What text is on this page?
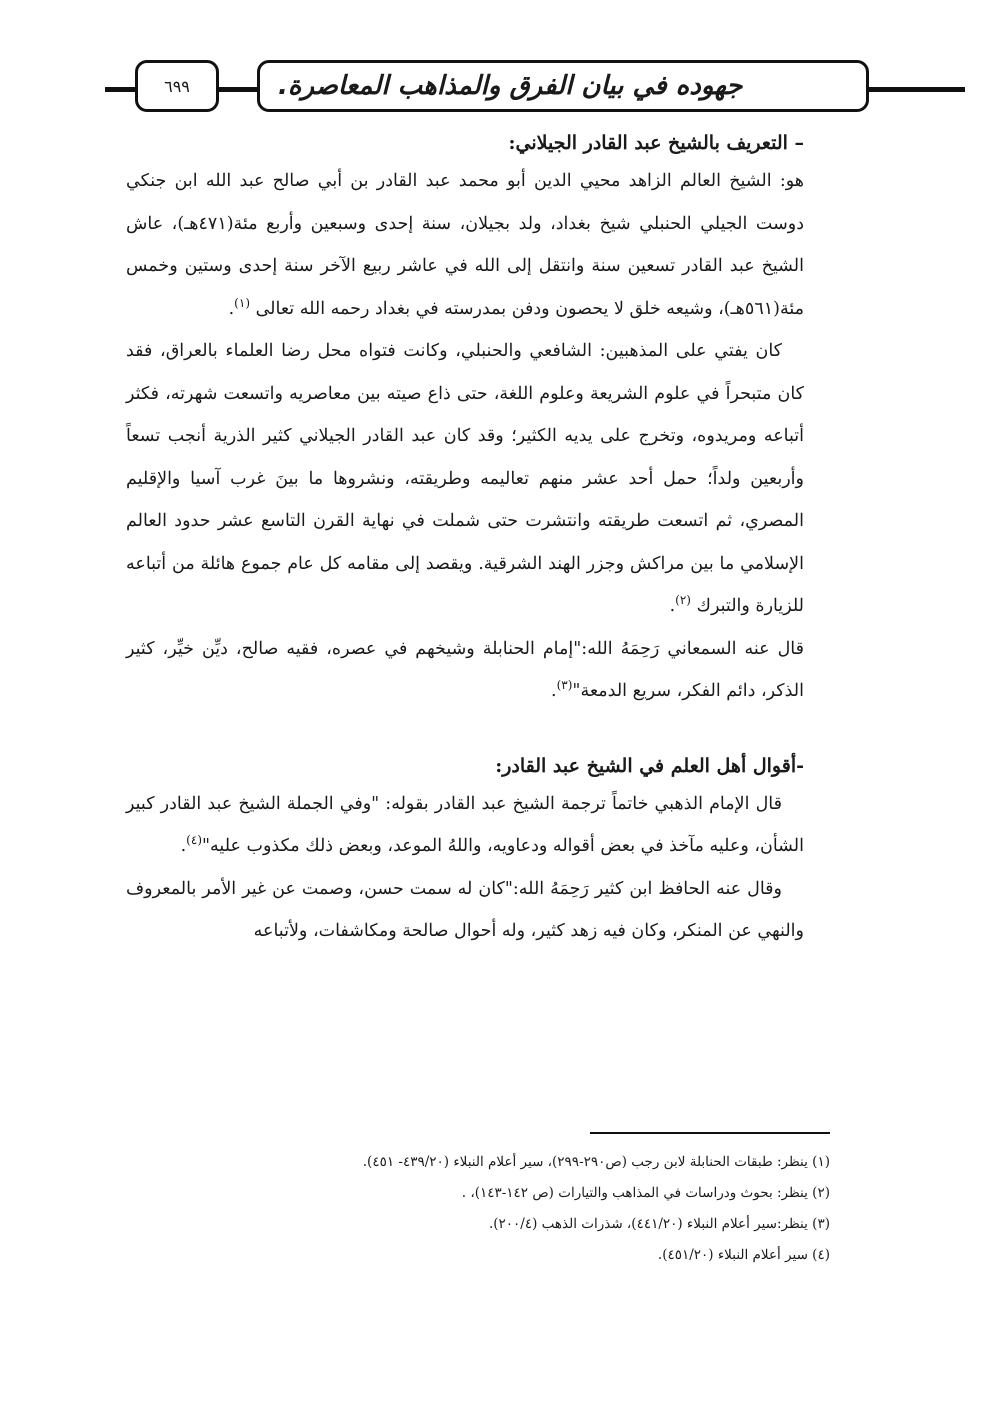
جهوده في بيان الفرق والمذاهب المعاصرة.
٦٩٩
– التعريف بالشيخ عبد القادر الجيلاني:

هو: الشيخ العالم الزاهد محيي الدين أبو محمد عبد القادر بن أبي صالح عبد الله ابن جنكي دوست الجيلي الحنبلي شيخ بغداد، ولد بجيلان، سنة إحدى وسبعين وأربع مئة(٤٧١هـ)، عاش الشيخ عبد القادر تسعين سنة وانتقل إلى الله في عاشر ربيع الآخر سنة إحدى وستين وخمس مئة(٥٦١هـ)، وشيعه خلق لا يحصون ودفن بمدرسته في بغداد رحمه الله تعالى $^{(١)}$.

كان يفتي على المذهبين: الشافعي والحنبلي، وكانت فتواه محل رضا العلماء بالعراق، فقد كان متبحراً في علوم الشريعة وعلوم اللغة، حتى ذاع صيته بين معاصريه واتسعت شهرته، فكثر أتباعه ومريدوه، وتخرج على يديه الكثير؛ وقد كان عبد القادر الجيلاني كثير الذرية أنجب تسعاً وأربعين ولداً؛ حمل أحد عشر منهم تعاليمه وطريقته، ونشروها ما بينَ غرب آسيا والإقليم المصري، ثم اتسعت طريقته وانتشرت حتى شملت في نهاية القرن التاسع عشر حدود العالم الإسلامي ما بين مراكش وجزر الهند الشرقية. ويقصد إلى مقامه كل عام جموع هائلة من أتباعه للزيارة والتبرك $^{(٢)}$.

قال عنه السمعاني رَحِمَهُ الله:"إمام الحنابلة وشيخهم في عصره، فقيه صالح، ديِّن خيِّر، كثير الذكر، دائم الفكر، سريع الدمعة"$^{(٣)}$.

-أقوال أهل العلم في الشيخ عبد القادر:

قال الإمام الذهبي خاتماً ترجمة الشيخ عبد القادر بقوله: "وفي الجملة الشيخ عبد القادر كبير الشأن، وعليه مآخذ في بعض أقواله ودعاويه، واللهُ الموعد، وبعض ذلك مكذوب عليه"$^{(٤)}$.

وقال عنه الحافظ ابن كثير رَحِمَهُ الله:"كان له سمت حسن، وصمت عن غير الأمر بالمعروف والنهي عن المنكر، وكان فيه زهد كثير، وله أحوال صالحة ومكاشفات، ولأتباعه

(١) ينظر: طبقات الحنابلة لابن رجب (ص٢٩٠-٢٩٩)، سير أعلام النبلاء (٤٣٩/٢٠- ٤٥١).

(٢) ينظر: بحوث ودراسات في المذاهب والتيارات (ص ١٤٢-١٤٣)، .

(٣) ينظر:سير أعلام النبلاء (٤٤١/٢٠)، شذرات الذهب (٢٠٠/٤).

(٤) سير أعلام النبلاء (٤٥١/٢٠).
